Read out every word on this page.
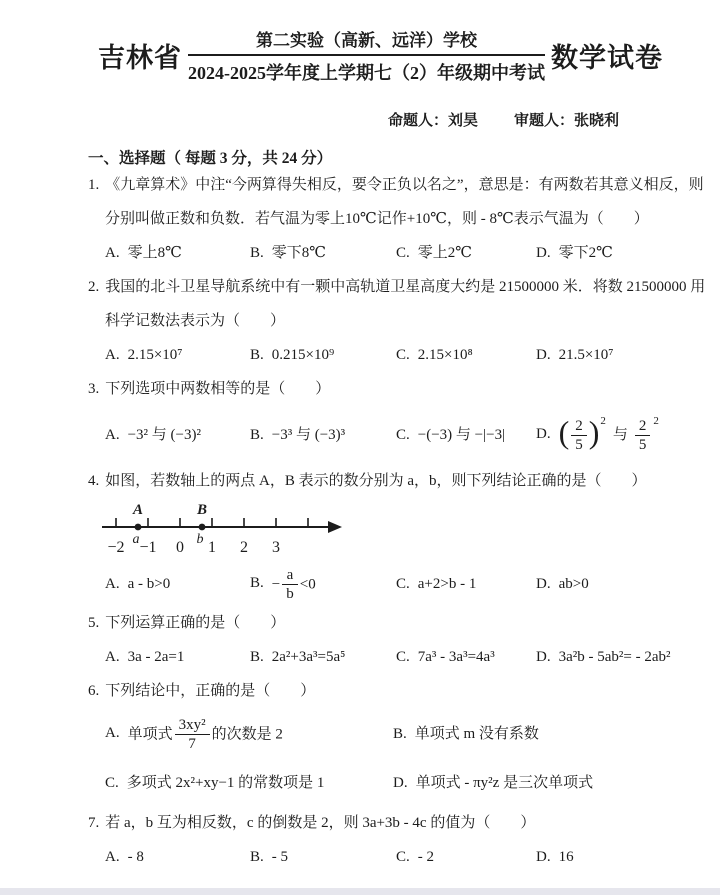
吉林省
第二实验（高新、远洋）学校
2024-2025学年度上学期七（2）年级期中考试 数学试卷
命题人：刘昊 审题人：张晓利
一、选择题（ 每题 3 分，共 24 分）
1. 《九章算术》中注“今两算得失相反，要令正负以名之”，意思是：有两数若其意义相反，则
分别叫做正数和负数．若气温为零上10℃记作+10℃，则 - 8℃表示气温为（　　）
A. 零上8℃	B. 零下8℃	C. 零上2℃	D. 零下2℃
2. 我国的北斗卫星导航系统中有一颗中高轨道卫星高度大约是 21500000 米．将数 21500000 用
科学记数法表示为（　　）
A. 2.15×10⁷	B. 0.215×10⁹	C. 2.15×10⁸	D. 21.5×10⁷
3. 下列选项中两数相等的是（　　）
A. −3² 与 (−3)²	B. −3³ 与 (−3)³	C. −(−3) 与 −|−3|	D. ( $\frac{2}{5} )2$与 $\frac{2}{5} 2$
4. 如图，若数轴上的两点 A，B 表示的数分别为 a，b，则下列结论正确的是（　　）
A
a
B
b
−2 −1 0 1 2 3
A. a - b>0	B. − $\frac{a}{b} <0$	C. a+2>b - 1	D. ab>0
5. 下列运算正确的是（　　）
A. 3a - 2a=1	B. 2a²+3a³=5a⁵	C. 7a³ - 3a³=4a³	D. 3a²b - 5ab²= - 2ab²
6. 下列结论中，正确的是（　　）
A. 单项式 $\frac{\text{3xy²}}{7}$ 的次数是 2	B. 单项式 m 没有系数
C. 多项式 2x²+xy−1 的常数项是 1	D. 单项式 - πy²z 是三次单项式
7. 若 a，b 互为相反数，c 的倒数是 2，则 3a+3b - 4c 的值为（　　）
A. - 8	B. - 5	C. - 2	D. 16
